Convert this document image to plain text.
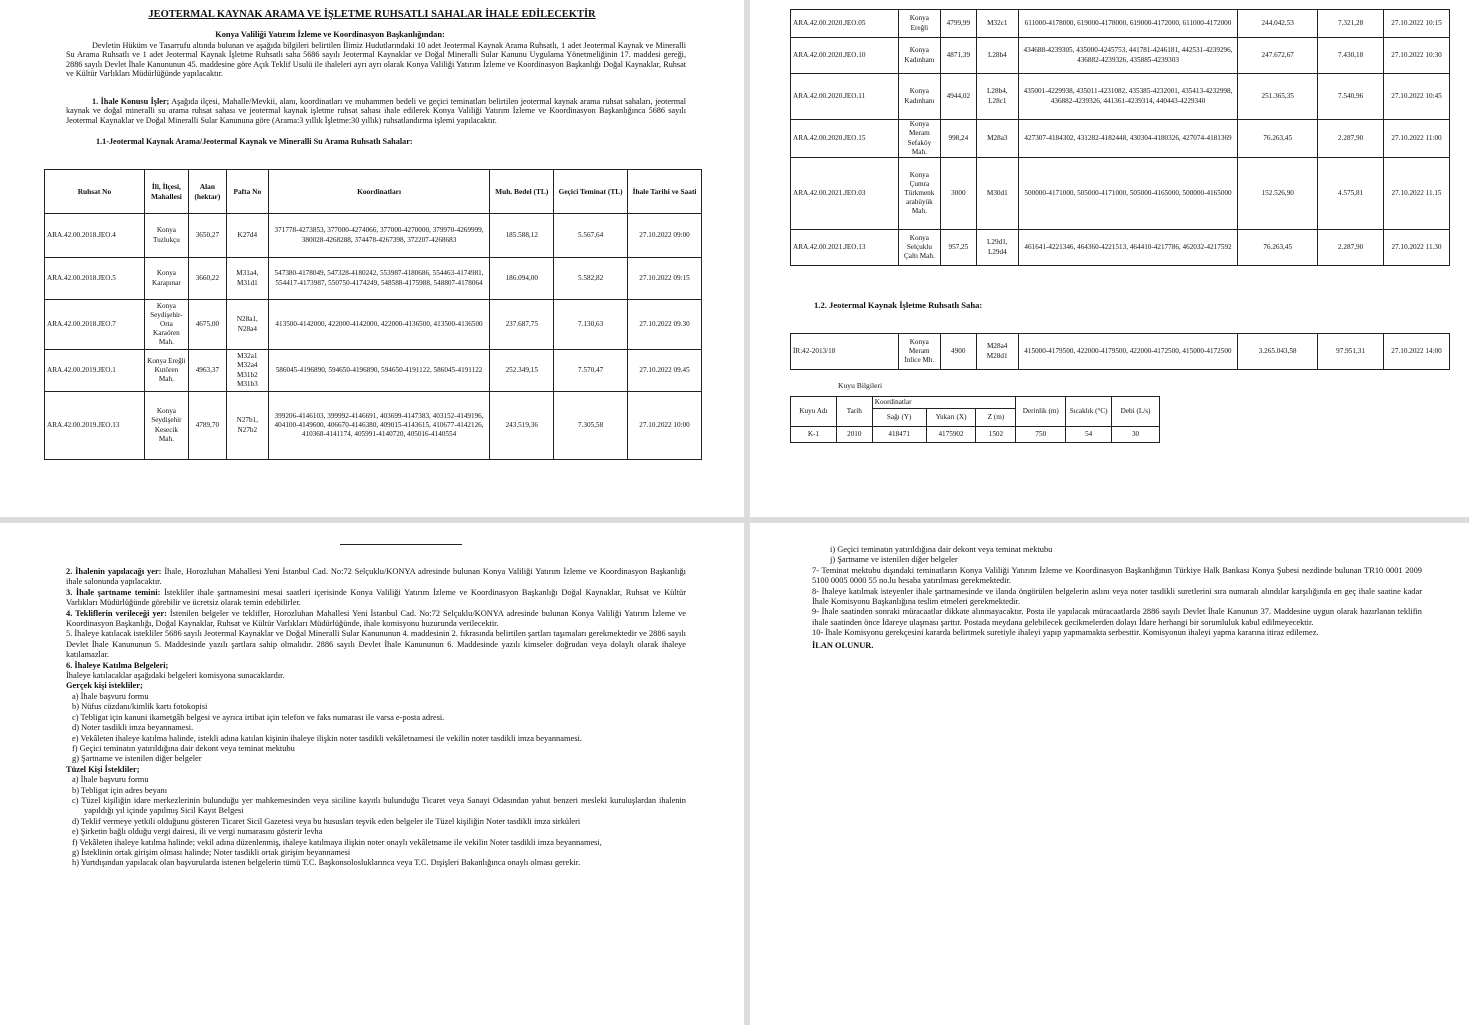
JEOTERMAL KAYNAK ARAMA VE İŞLETME RUHSATLI SAHALAR İHALE EDİLECEKTİR
Konya Valiliği Yatırım İzleme ve Koordinasyon Başkanlığından:
Devletin Hüküm ve Tasarrufu altında bulunan ve aşağıda bilgileri belirtilen İlimiz Hudutlarındaki 10 adet Jeotermal Kaynak Arama Ruhsatlı, 1 adet Jeotermal Kaynak ve Mineralli Su Arama Ruhsatlı ve 1 adet Jeotermal Kaynak İşletme Ruhsatlı saha 5686 sayılı Jeotermal Kaynaklar ve Doğal Mineralli Sular Kanunu Uygulama Yönetmeliğinin 17. maddesi gereği, 2886 sayılı Devlet İhale Kanununun 45. maddesine göre Açık Teklif Usulü ile ihaleleri ayrı ayrı olarak Konya Valiliği Yatırım İzleme ve Koordinasyon Başkanlığı Doğal Kaynaklar, Ruhsat ve Kültür Varlıkları Müdürlüğünde yapılacaktır.
1. İhale Konusu İşler; Aşağıda ilçesi, Mahalle/Mevkii, alanı, koordinatları ve muhammen bedeli ve geçici teminatları belirtilen jeotermal kaynak arama ruhsat sahaları, jeotermal kaynak ve doğal mineralli su arama ruhsat sahası ve jeotermal kaynak işletme ruhsat sahası ihale edilerek Konya Valiliği Yatırım İzleme ve Koordinasyon Başkanlığınca 5686 sayılı Jeotermal Kaynaklar ve Doğal Mineralli Sular Kanununa göre (Arama:3 yıllık İşletme:30 yıllık) ruhsatlandırma işlemi yapılacaktır.
1.1-Jeotermal Kaynak Arama/Jeotermal Kaynak ve Mineralli Su Arama Ruhsatlı Sahalar:
Ruhsat No	İli, İlçesi, Mahallesi	Alan (hektar)	Pafta No	Koordinatları	Muh. Bedel (TL)	Geçici Teminat (TL)	İhale Tarihi ve Saati
ARA.42.00.2018.JEO.4	Konya Tuzlukçu	3650,27	K27d4	371778-4273853, 377000-4274066, 377000-4270000, 379970-4269999, 380028-4268288, 374478-4267398, 372207-4268683	185.588,12	5.567,64	27.10.2022 09:00
ARA.42.00.2018.JEO.5	Konya Karapınar	3660,22	M31a4, M31d1	547380-4178049, 547328-4180242, 553987-4180686, 554463-4174981, 554417-4173987, 550750-4174249, 548588-4175988, 548807-4178064	186.094,00	5.582,82	27.10.2022 09:15
ARA.42.00.2018.JEO.7	Konya Seydişehir-Orta Karaören Mah.	4675,00	N28a1, N28a4	413500-4142000, 422000-4142000, 422000-4136500, 413500-4136500	237.687,75	7.130,63	27.10.2022 09.30
ARA.42.00.2019.JEO.1	Konya Ereğli Kutören Mah.	4963,37	M32a1 M32a4 M31b2 M31b3	586045-4196890, 594650-4196890, 594650-4191122, 586045-4191122	252.349,15	7.570,47	27.10.2022 09.45
ARA.42.00.2019.JEO.13	Konya Seydişehir Kesecik Mah.	4789,70	N27b1, N27b2	399206-4146103, 399992-4146691, 403699-4147383, 403152-4149196, 404100-4149600, 406670-4146380, 409015-4143615, 410677-4142126, 410368-4141174, 405991-4140720, 405016-4140554	243.519,36	7.305,58	27.10.2022 10:00
ARA.42.00.2020.JEO.05	Konya Ereğli	4799,99	M32c1	611000-4178000, 619000-4178000, 619000-4172000, 611000-4172000	244.042,53	7.321,28	27.10.2022 10:15
ARA.42.00.2020.JEO.10	Konya Kadınhanı	4871,39	L28b4	434688-4239305, 435000-4245753, 441781-4246181, 442531-4239296, 436882-4239326, 435885-4239303	247.672,67	7.430,18	27.10.2022 10:30
ARA.42.00.2020.JEO.11	Konya Kadınhanı	4944,02	L28b4, L28c1	435001-4229938, 435011-4231082, 435385-4232001, 435413-4232998, 436882-4239326, 441361-4239314, 440443-4229340	251.365,35	7.540,96	27.10.2022 10:45
ARA.42.00.2020.JEO.15	Konya Meram Sefaköy Mah.	998,24	M28a3	427307-4184302, 431282-4182448, 430304-4180326, 427074-4181369	76.263,45	2.287,90	27.10.2022 11:00
ARA.42.00.2021.JEO.03	Konya Çumra Türkmenk arahüyük Mah.	3000	M30d1	500000-4171000, 505000-4171000, 505000-4165000, 500000-4165000	152.526,90	4.575,81	27.10.2022 11.15
ARA.42.00.2021.JEO.13	Konya Selçuklu Çaltı Mah.	957,25	L29d1, L29d4	461641-4221346, 464360-4221513, 464410-4217786, 462032-4217592	76.263,45	2.287,90	27.10.2022 11.30
1.2. Jeotermal Kaynak İşletme Ruhsatlı Saha:
İR:42-2013/18	Konya Meram İnlice Mh.	4900	M28a4 M28d1	415000-4179500, 422000-4179500, 422000-4172500, 415000-4172500	3.265.043,58	97.951,31	27.10.2022 14:00
Kuyu Bilgileri
Kuyu Adı	Tarih	Koordinatlar			Derinlik (m)	Sıcaklık (°C)	Debi (L/s)
		Sağı (Y)	Yukarı (X)	Z (m)			
K-1	2010	418471	4175902	1502	750	54	30

2. İhalenin yapılacağı yer: İhale, Horozluhan Mahallesi Yeni İstanbul Cad. No:72 Selçuklu/KONYA adresinde bulunan Konya Valiliği Yatırım İzleme ve Koordinasyon Başkanlığı ihale salonunda yapılacaktır.

3. İhale şartname temini: İstekliler ihale şartnamesini mesai saatleri içerisinde Konya Valiliği Yatırım İzleme ve Koordinasyon Başkanlığı Doğal Kaynaklar, Ruhsat ve Kültür Varlıkları Müdürlüğünde görebilir ve ücretsiz olarak temin edebilirler.

4. Tekliflerin verileceği yer: İstenilen belgeler ve teklifler, Horozluhan Mahallesi Yeni İstanbul Cad. No:72 Selçuklu/KONYA adresinde bulunan Konya Valiliği Yatırım İzleme ve Koordinasyon Başkanlığı, Doğal Kaynaklar, Ruhsat ve Kültür Varlıkları Müdürlüğünde, ihale komisyonu huzurunda verilecektir.

5. İhaleye katılacak istekliler 5686 sayılı Jeotermal Kaynaklar ve Doğal Mineralli Sular Kanununun 4. maddesinin 2. fıkrasında belirtilen şartları taşımaları gerekmektedir ve 2886 sayılı Devlet İhale Kanununun 5. Maddesinde yazılı şartlara sahip olmalıdır. 2886 sayılı Devlet İhale Kanununun 6. Maddesinde yazılı kimseler doğrudan veya dolaylı olarak ihaleye katılamazlar.

6. İhaleye Katılma Belgeleri;

İhaleye katılacaklar aşağıdaki belgeleri komisyona sunacaklardır.

Gerçek kişi istekliler;

a) İhale başvuru formu

b) Nüfus cüzdanı/kimlik kartı fotokopisi

c) Tebligat için kanuni ikametgâh belgesi ve ayrıca irtibat için telefon ve faks numarası ile varsa e-posta adresi.

d) Noter tasdikli imza beyannamesi.

e) Vekâleten ihaleye katılma halinde, istekli adına katılan kişinin ihaleye ilişkin noter tasdikli vekâletnamesi ile vekilin noter tasdikli imza beyannamesi.

f) Geçici teminatın yatırıldığına dair dekont veya teminat mektubu

g) Şartname ve istenilen diğer belgeler

Tüzel Kişi İstekliler;

a) İhale başvuru formu

b) Tebligat için adres beyanı

c) Tüzel kişiliğin idare merkezlerinin bulunduğu yer mahkemesinden veya siciline kayıtlı bulunduğu Ticaret veya Sanayi Odasından yahut benzeri mesleki kuruluşlardan ihalenin yapıldığı yıl içinde yapılmış Sicil Kayıt Belgesi

d) Teklif vermeye yetkili olduğunu gösteren Ticaret Sicil Gazetesi veya bu hususları teşvik eden belgeler ile Tüzel kişiliğin Noter tasdikli imza sirküleri

e) Şirketin bağlı olduğu vergi dairesi, ili ve vergi numarasını gösterir levha

f) Vekâleten ihaleye katılma halinde; vekil adına düzenlenmiş, ihaleye katılmaya ilişkin noter onaylı vekâletname ile vekilin Noter tasdikli imza beyannamesi,

g) İsteklinin ortak girişim olması halinde; Noter tasdikli ortak girişim beyannamesi

h) Yurtdışından yapılacak olan başvurularda istenen belgelerin tümü T.C. Başkonsolosluklarınca veya T.C. Dışişleri Bakanlığınca onaylı olması gerekir.

i) Geçici teminatın yatırıldığına dair dekont veya teminat mektubu

j) Şartname ve istenilen diğer belgeler

7- Teminat mektubu dışındaki teminatların Konya Valiliği Yatırım İzleme ve Koordinasyon Başkanlığının Türkiye Halk Bankası Konya Şubesi nezdinde bulunan TR10 0001 2009 5100 0005 0000 55 no.lu hesaba yatırılması gerekmektedir.

8- İhaleye katılmak isteyenler ihale şartnamesinde ve ilanda öngörülen belgelerin aslını veya noter tasdikli suretlerini sıra numaralı alındılar karşılığında en geç ihale saatine kadar İhale Komisyonu Başkanlığına teslim etmeleri gerekmektedir.

9- İhale saatinden sonraki müracaatlar dikkate alınmayacaktır. Posta ile yapılacak müracaatlarda 2886 sayılı Devlet İhale Kanunun 37. Maddesine uygun olarak hazırlanan teklifin ihale saatinden önce İdareye ulaşması şarttır. Postada meydana gelebilecek gecikmelerden dolayı İdare herhangi bir sorumluluk kabul edilmeyecektir.

10- İhale Komisyonu gerekçesini kararda belirtmek suretiyle ihaleyi yapıp yapmamakta serbesttir. Komisyonun ihaleyi yapma kararına itiraz edilemez.

İLAN OLUNUR.
